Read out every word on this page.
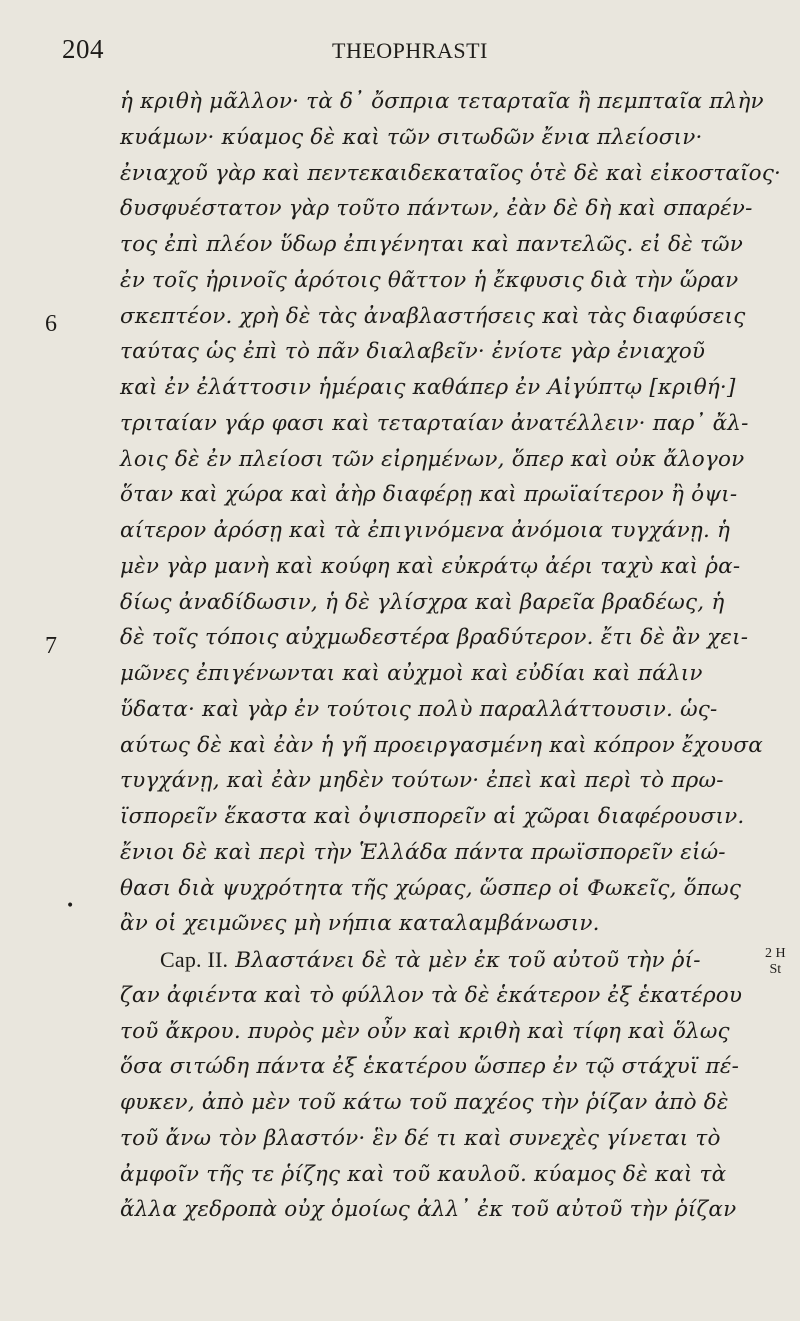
204	THEOPHRASTI
6
7
•
2 H
St
ἡ κριθὴ μᾶλλον· τὰ δ᾽ ὄσπρια τεταρταῖα ἢ πεμπταῖα πλὴν
κυάμων· κύαμος δὲ καὶ τῶν σιτωδῶν ἔνια πλείοσιν·
ἐνιαχοῦ γὰρ καὶ πεντεκαιδεκαταῖος ὁτὲ δὲ καὶ εἰκοσταῖος·
δυσφυέστατον γὰρ τοῦτο πάντων, ἐὰν δὲ δὴ καὶ σπαρέν-
τος ἐπὶ πλέον ὕδωρ ἐπιγένηται καὶ παντελῶς. εἰ δὲ τῶν
ἐν τοῖς ἠρινοῖς ἀρότοις θᾶττον ἡ ἔκφυσις διὰ τὴν ὥραν
σκεπτέον. χρὴ δὲ τὰς ἀναβλαστήσεις καὶ τὰς διαφύσεις
ταύτας ὡς ἐπὶ τὸ πᾶν διαλαβεῖν· ἐνίοτε γὰρ ἐνιαχοῦ
καὶ ἐν ἐλάττοσιν ἡμέραις καθάπερ ἐν Αἰγύπτῳ [κριθή·]
τριταίαν γάρ φασι καὶ τεταρταίαν ἀνατέλλειν· παρ᾽ ἄλ-
λοις δὲ ἐν πλείοσι τῶν εἰρημένων, ὅπερ καὶ οὐκ ἄλογον
ὅταν καὶ χώρα καὶ ἀὴρ διαφέρῃ καὶ πρωϊαίτερον ἢ ὀψι-
αίτερον ἀρόσῃ καὶ τὰ ἐπιγινόμενα ἀνόμοια τυγχάνῃ. ἡ
μὲν γὰρ μανὴ καὶ κούφη καὶ εὐκράτῳ ἀέρι ταχὺ καὶ ῥα-
δίως ἀναδίδωσιν, ἡ δὲ γλίσχρα καὶ βαρεῖα βραδέως, ἡ
δὲ τοῖς τόποις αὐχμωδεστέρα βραδύτερον. ἔτι δὲ ἂν χει-
μῶνες ἐπιγένωνται καὶ αὐχμοὶ καὶ εὐδίαι καὶ πάλιν
ὕδατα· καὶ γὰρ ἐν τούτοις πολὺ παραλλάττουσιν. ὡς-
αύτως δὲ καὶ ἐὰν ἡ γῆ προειργασμένη καὶ κόπρον ἔχουσα
τυγχάνῃ, καὶ ἐὰν μηδὲν τούτων· ἐπεὶ καὶ περὶ τὸ πρω-
ϊσπορεῖν ἕκαστα καὶ ὀψισπορεῖν αἱ χῶραι διαφέρουσιν.
ἔνιοι δὲ καὶ περὶ τὴν Ἑλλάδα πάντα πρωϊσπορεῖν εἰώ-
θασι διὰ ψυχρότητα τῆς χώρας, ὥσπερ οἱ Φωκεῖς, ὅπως
ἂν οἱ χειμῶνες μὴ νήπια καταλαμβάνωσιν.
Cap. II. Βλαστάνει δὲ τὰ μὲν ἐκ τοῦ αὐτοῦ τὴν ῥί-
ζαν ἀφιέντα καὶ τὸ φύλλον τὰ δὲ ἑκάτερον ἐξ ἑκατέρου
τοῦ ἄκρου. πυρὸς μὲν οὖν καὶ κριθὴ καὶ τίφη καὶ ὅλως
ὅσα σιτώδη πάντα ἐξ ἑκατέρου ὥσπερ ἐν τῷ στάχυϊ πέ-
φυκεν, ἀπὸ μὲν τοῦ κάτω τοῦ παχέος τὴν ῥίζαν ἀπὸ δὲ
τοῦ ἄνω τὸν βλαστόν· ἓν δέ τι καὶ συνεχὲς γίνεται τὸ
ἀμφοῖν τῆς τε ῥίζης καὶ τοῦ καυλοῦ. κύαμος δὲ καὶ τὰ
ἄλλα χεδροπὰ οὐχ ὁμοίως ἀλλ᾽ ἐκ τοῦ αὐτοῦ τὴν ῥίζαν
